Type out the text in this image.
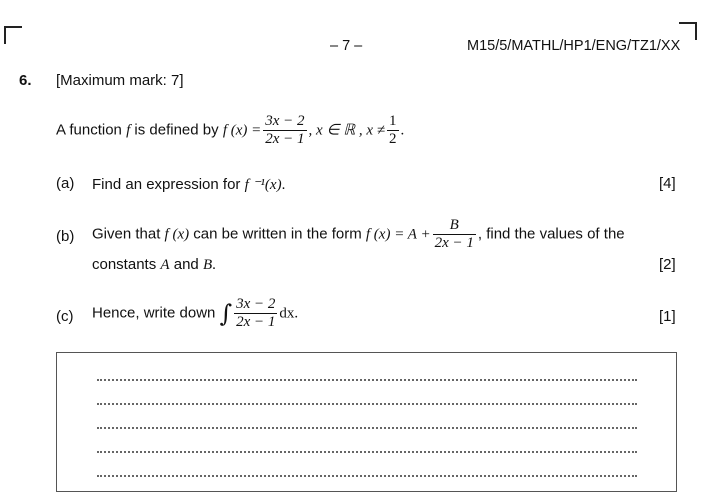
– 7 –	M15/5/MATHL/HP1/ENG/TZ1/XX
6. [Maximum mark: 7]
A function f is defined by f $(x) = \frac{3x - 2}{2x - 1}$ , x ∈ ℝ , $x \ne \frac{1}{2}$ .
(a) Find an expression for f ⁻¹(x).	[4]
(b) Given that f (x) can be written in the form f $(x) = A + \frac{B}{2x - 1}$ , find the values of the
constants A and B.	[2]
(c) Hence, write down ∫ $\frac{3x - 2}{2x - 1}$ dx.	[1]
